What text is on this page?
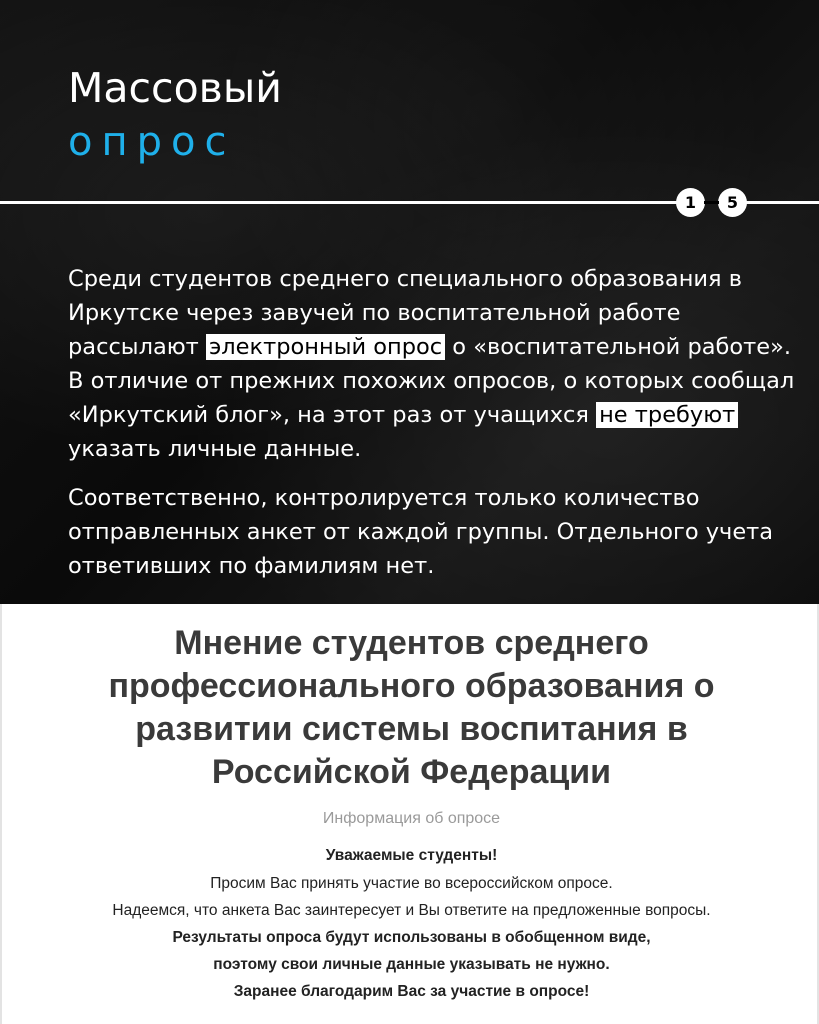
Массовый
опрос
1	5

Среди студентов среднего специального образования в Иркутске через завучей по воспитательной работе рассылают электронный опрос о «воспитательной работе». В отличие от прежних похожих опросов, о которых сообщал «Иркутский блог», на этот раз от учащихся не требуют указать личные данные.

Соответственно, контролируется только количество отправленных анкет от каждой группы. Отдельного учета ответивших по фамилиям нет.

Мнение студентов среднего профессионального образования о развитии системы воспитания в Российской Федерации
Информация об опросе
Уважаемые студенты!
Просим Вас принять участие во всероссийском опросе.
Надеемся, что анкета Вас заинтересует и Вы ответите на предложенные вопросы.
Результаты опроса будут использованы в обобщенном виде,
поэтому свои личные данные указывать не нужно.
Заранее благодарим Вас за участие в опросе!
